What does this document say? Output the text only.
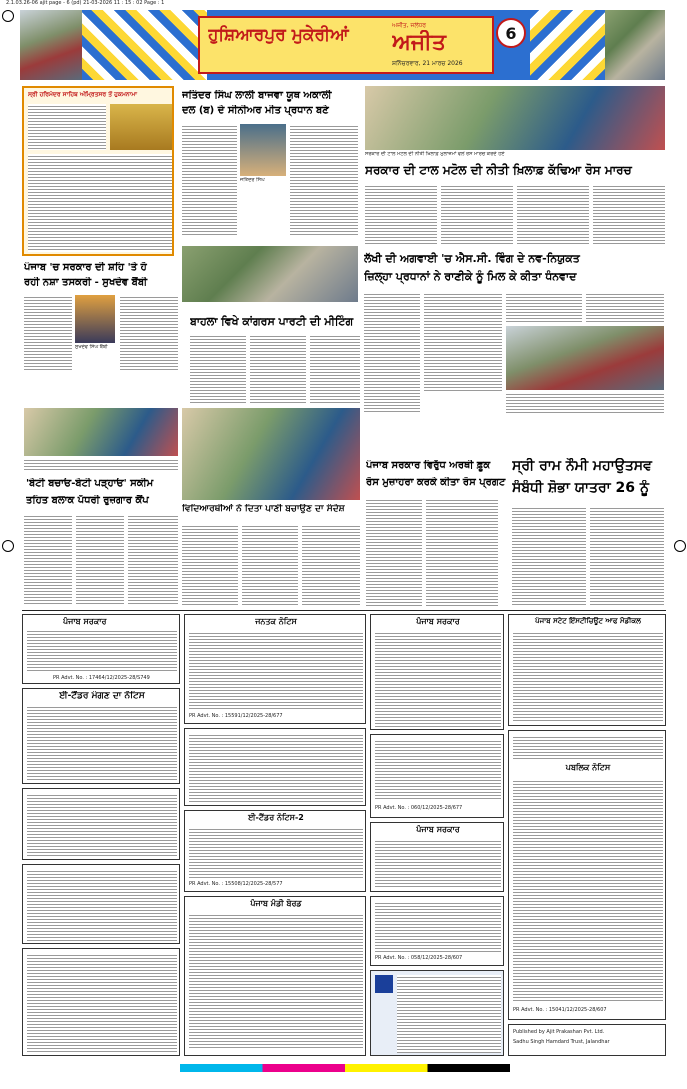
2.1.03.26-06 ajit page - 6 (pd) 21-03-2026 11 : 15 : 02 Page : 1
ਹੁਸ਼ਿਆਰਪੁਰ ਮੁਕੇਰੀਆਂ	ਅਜੀਤ, ਜਲੰਧਰ
ਅਜੀਤ
ਸ਼ਨਿੱਚਰਵਾਰ, 21 ਮਾਰਚ 2026
6
ਸ੍ਰੀ ਹਰਿਮੰਦਰ ਸਾਹਿਬ ਅੰਮ੍ਰਿਤਸਰ ਤੋਂ ਹੁਕਮਨਾਮਾ	ਜਤਿੰਦਰ ਸਿੰਘ ਲਾਲੀ ਬਾਜਵਾ ਯੂਥ ਅਕਾਲੀ
ਦਲ (ਬ) ਦੇ ਸੀਨੀਅਰ ਮੀਤ ਪ੍ਰਧਾਨ ਬਣੇ
ਜਤਿੰਦਰ ਸਿੰਘ
ਸਰਕਾਰ ਦੀ ਟਾਲ ਮਟੋਲ ਦੀ ਨੀਤੀ ਖ਼ਿਲਾਫ਼ ਮੁਲਾਜ਼ਮਾਂ ਵਲੋਂ ਰੋਸ ਮਾਰਚ ਕਰਦੇ ਹੋਏ
ਸਰਕਾਰ ਦੀ ਟਾਲ ਮਟੋਲ ਦੀ ਨੀਤੀ ਖ਼ਿਲਾਫ਼ ਕੱਢਿਆ ਰੋਸ ਮਾਰਚ
ਪੰਜਾਬ 'ਚ ਸਰਕਾਰ ਦੀ ਸ਼ਹਿ 'ਤੇ ਹੋ
ਰਹੀ ਨਸ਼ਾ ਤਸਕਰੀ - ਸੁਖਦੇਵ ਬੈਂਬੀ
ਸੁਖਦੇਵ ਸਿੰਘ ਬੈਂਬੀ
ਲੱਖੀ ਦੀ ਅਗਵਾਈ 'ਚ ਐਸ.ਸੀ. ਵਿੰਗ ਦੇ ਨਵ-ਨਿਯੁਕਤ
ਜ਼ਿਲ੍ਹਾ ਪ੍ਰਧਾਨਾਂ ਨੇ ਰਾਣੀਕੇ ਨੂੰ ਮਿਲ ਕੇ ਕੀਤਾ ਧੰਨਵਾਦ
ਬਾਹਲਾ ਵਿਖੇ ਕਾਂਗਰਸ ਪਾਰਟੀ ਦੀ ਮੀਟਿੰਗ
'ਬੇਟੀ ਬਚਾਓ-ਬੇਟੀ ਪੜ੍ਹਾਓ' ਸਕੀਮ
ਤਹਿਤ ਬਲਾਕ ਪੱਧਰੀ ਰੁਜ਼ਗਾਰ ਕੈਂਪ
ਵਿਦਿਆਰਥੀਆਂ ਨੇ ਦਿਤਾ ਪਾਣੀ ਬਚਾਉਣ ਦਾ ਸੰਦੇਸ਼
ਪੰਜਾਬ ਸਰਕਾਰ ਵਿਰੁੱਧ ਅਰਥੀ ਫ਼ੂਕ
ਰੋਸ ਮੁਜ਼ਾਹਰਾ ਕਰਕੇ ਕੀਤਾ ਰੋਸ ਪ੍ਰਗਟ
ਸ੍ਰੀ ਰਾਮ ਨੌਮੀ ਮਹਾਉਤਸਵ
ਸੰਬੰਧੀ ਸ਼ੋਭਾ ਯਾਤਰਾ 26 ਨੂੰ
ਪੰਜਾਬ ਸਰਕਾਰ
PR Advt. No. : 17464/12/2025-28/S749
ਈ-ਟੈਂਡਰ ਮੰਗਣ ਦਾ ਨੋਟਿਸ
ਜਨਤਕ ਨੋਟਿਸ
PR Advt. No. : 15591/12/2025-28/677
ਈ-ਟੈਂਡਰ ਨੋਟਿਸ-2
PR Advt. No. : 15508/12/2025-28/577
ਪੰਜਾਬ ਮੰਡੀ ਬੋਰਡ
ਪੰਜਾਬ ਸਰਕਾਰ
PR Advt. No. : 060/12/2025-28/677
ਪੰਜਾਬ ਸਰਕਾਰ
PR Advt. No. : 058/12/2025-28/607
ਪੰਜਾਬ ਸਟੇਟ ਇੰਸਟੀਚਿਊਟ ਆਫ ਮੈਡੀਕਲ
ਪਬਲਿਕ ਨੋਟਿਸ
PR Advt. No. : 15041/12/2025-28/607
Published by Ajit Prakashan Pvt. Ltd.
Sadhu Singh Hamdard Trust, Jalandhar
